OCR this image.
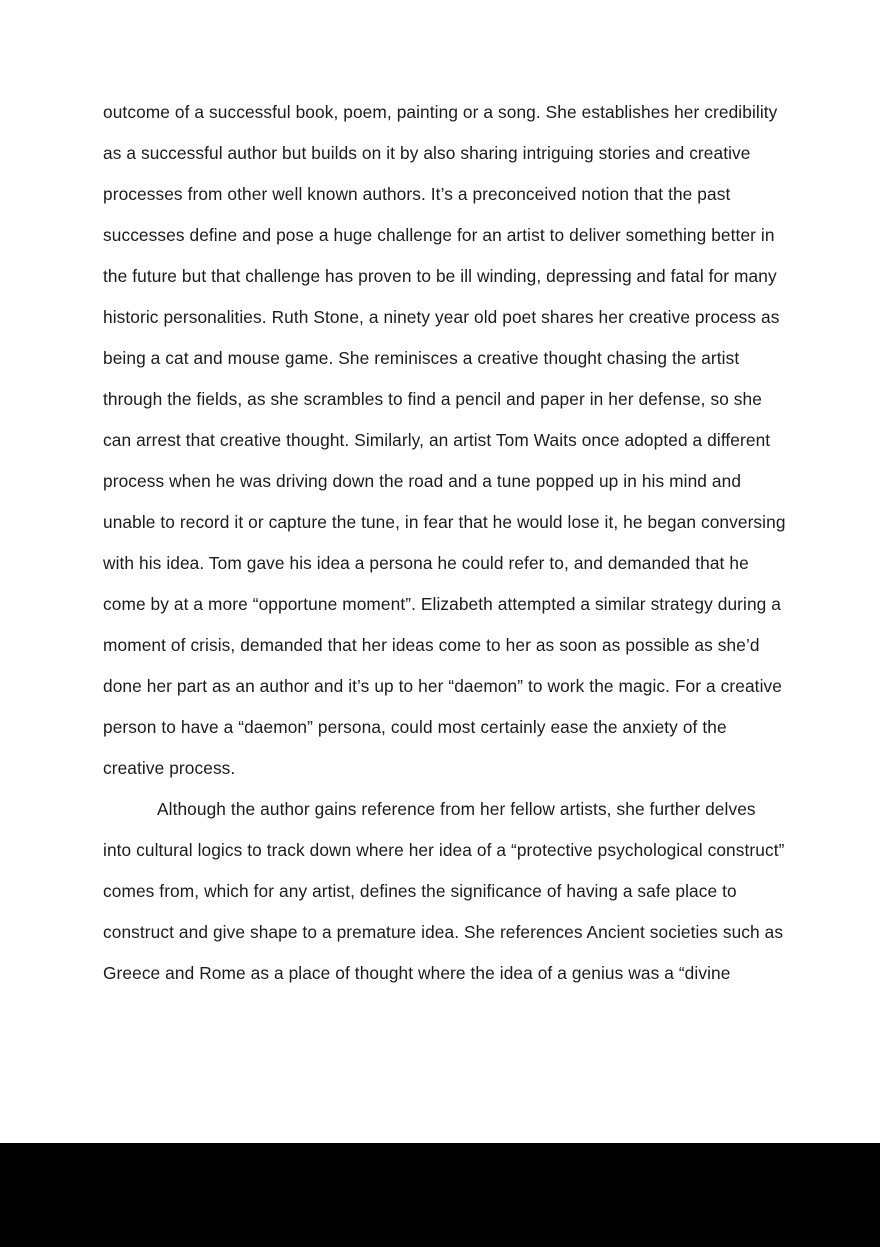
outcome of a successful book, poem, painting or a song. She establishes her credibility
as a successful author but builds on it by also sharing intriguing stories and creative
processes from other well known authors. It’s a preconceived notion that the past
successes define and pose a huge challenge for an artist to deliver something better in
the future but that challenge has proven to be ill winding, depressing and fatal for many
historic personalities. Ruth Stone, a ninety year old poet shares her creative process as
being a cat and mouse game. She reminisces a creative thought chasing the artist
through the fields, as she scrambles to find a pencil and paper in her defense, so she
can arrest that creative thought. Similarly, an artist Tom Waits once adopted a different
process when he was driving down the road and a tune popped up in his mind and
unable to record it or capture the tune, in fear that he would lose it, he began conversing
with his idea. Tom gave his idea a persona he could refer to, and demanded that he
come by at a more “opportune moment”. Elizabeth attempted a similar strategy during a
moment of crisis, demanded that her ideas come to her as soon as possible as she’d
done her part as an author and it’s up to her “daemon” to work the magic. For a creative
person to have a “daemon” persona, could most certainly ease the anxiety of the
creative process.
Although the author gains reference from her fellow artists, she further delves
into cultural logics to track down where her idea of a “protective psychological construct”
comes from, which for any artist, defines the significance of having a safe place to
construct and give shape to a premature idea. She references Ancient societies such as
Greece and Rome as a place of thought where the idea of a genius was a “divine
